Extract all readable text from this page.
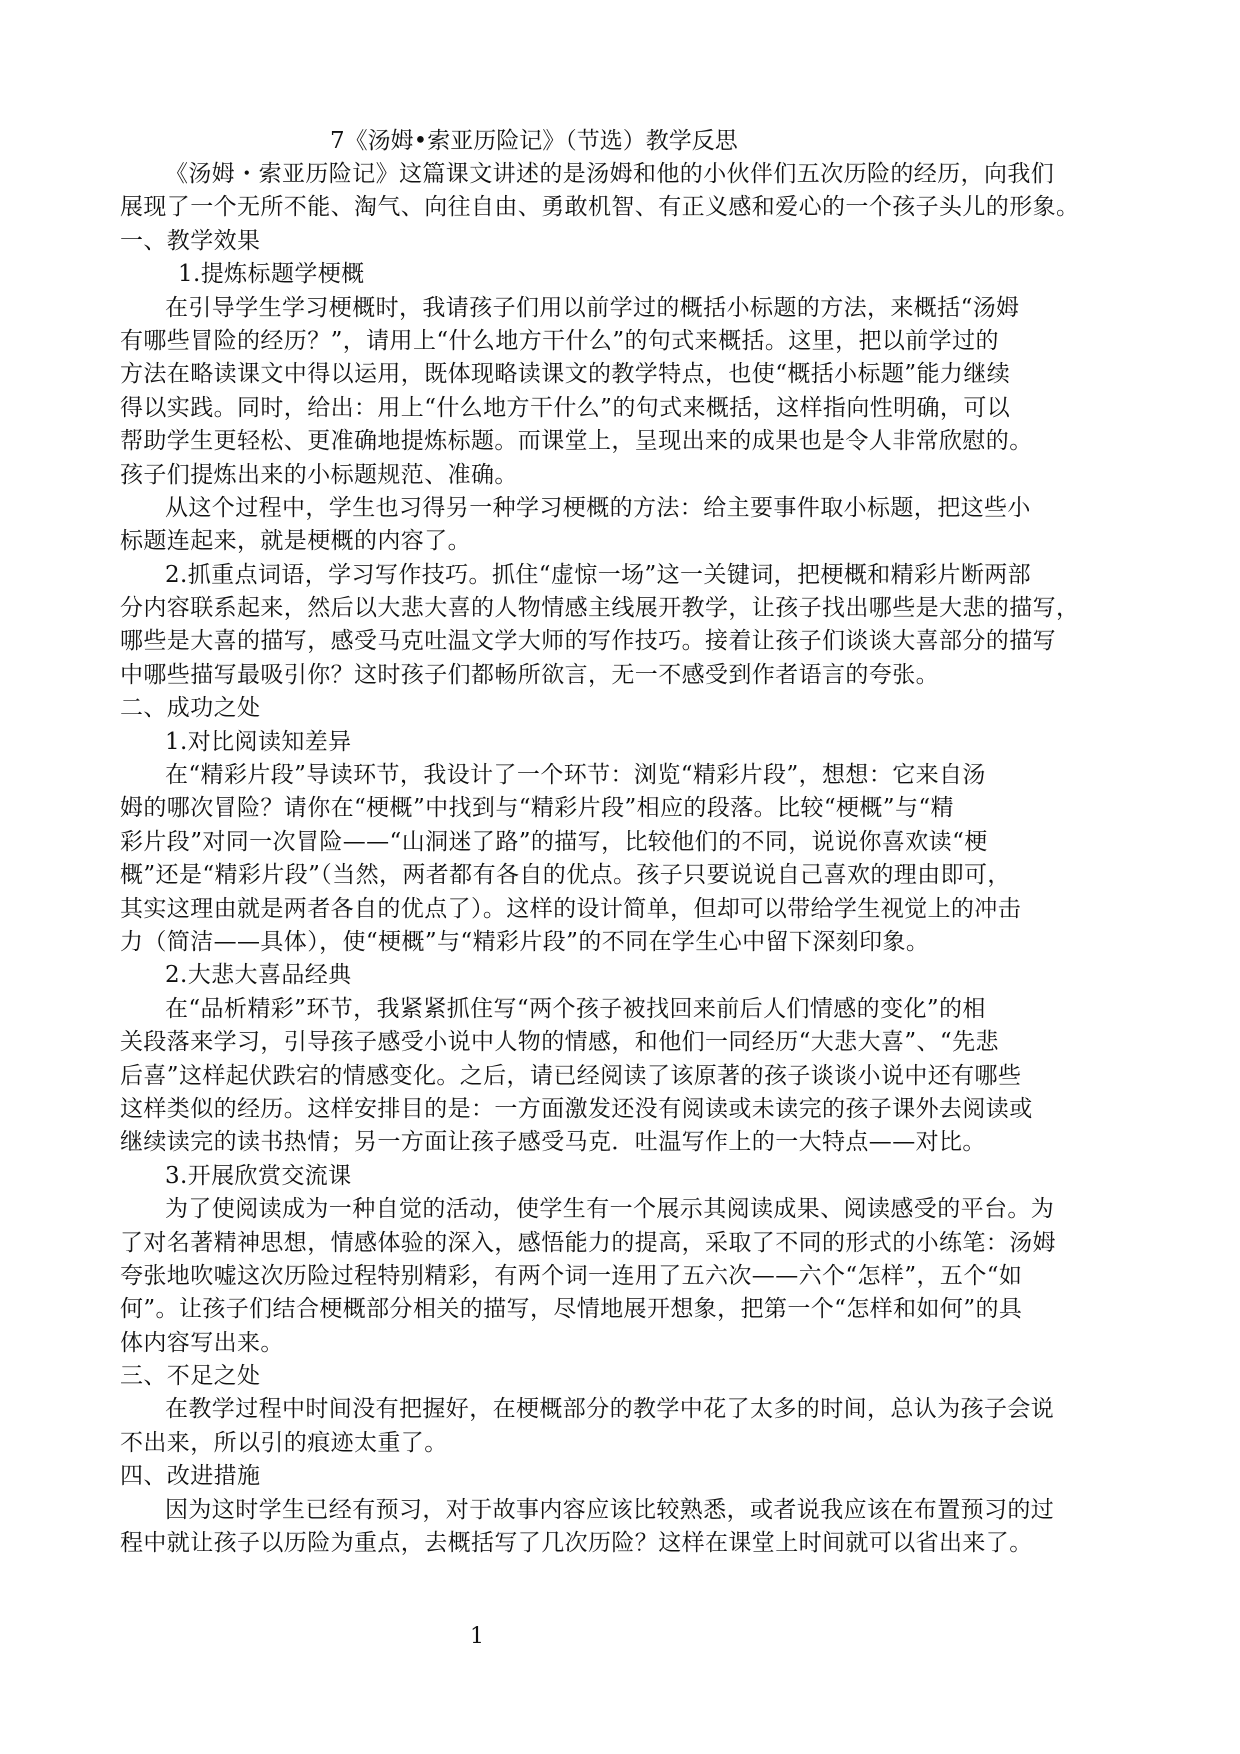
7《汤姆•索亚历险记》（节选）教学反思
《汤姆・索亚历险记》这篇课文讲述的是汤姆和他的小伙伴们五次历险的经历，向我们
展现了一个无所不能、淘气、向往自由、勇敢机智、有正义感和爱心的一个孩子头儿的形象。
一、教学效果
1.提炼标题学梗概
在引导学生学习梗概时，我请孩子们用以前学过的概括小标题的方法，来概括“汤姆
有哪些冒险的经历？”，请用上“什么地方干什么”的句式来概括。这里，把以前学过的
方法在略读课文中得以运用，既体现略读课文的教学特点，也使“概括小标题”能力继续
得以实践。同时，给出：用上“什么地方干什么”的句式来概括，这样指向性明确，可以
帮助学生更轻松、更准确地提炼标题。而课堂上，呈现出来的成果也是令人非常欣慰的。
孩子们提炼出来的小标题规范、准确。
从这个过程中，学生也习得另一种学习梗概的方法：给主要事件取小标题，把这些小
标题连起来，就是梗概的内容了。
2.抓重点词语，学习写作技巧。抓住“虚惊一场”这一关键词，把梗概和精彩片断两部
分内容联系起来，然后以大悲大喜的人物情感主线展开教学，让孩子找出哪些是大悲的描写，
哪些是大喜的描写，感受马克吐温文学大师的写作技巧。接着让孩子们谈谈大喜部分的描写
中哪些描写最吸引你？这时孩子们都畅所欲言，无一不感受到作者语言的夸张。
二、成功之处
1.对比阅读知差异
在“精彩片段”导读环节，我设计了一个环节：浏览“精彩片段”，想想：它来自汤
姆的哪次冒险？请你在“梗概”中找到与“精彩片段”相应的段落。比较“梗概”与“精
彩片段”对同一次冒险——“山洞迷了路”的描写，比较他们的不同，说说你喜欢读“梗
概”还是“精彩片段”（当然，两者都有各自的优点。孩子只要说说自己喜欢的理由即可，
其实这理由就是两者各自的优点了）。这样的设计简单，但却可以带给学生视觉上的冲击
力（简洁——具体），使“梗概”与“精彩片段”的不同在学生心中留下深刻印象。
2.大悲大喜品经典
在“品析精彩”环节，我紧紧抓住写“两个孩子被找回来前后人们情感的变化”的相
关段落来学习，引导孩子感受小说中人物的情感，和他们一同经历“大悲大喜”、“先悲
后喜”这样起伏跌宕的情感变化。之后，请已经阅读了该原著的孩子谈谈小说中还有哪些
这样类似的经历。这样安排目的是：一方面激发还没有阅读或未读完的孩子课外去阅读或
继续读完的读书热情；另一方面让孩子感受马克．吐温写作上的一大特点——对比。
3.开展欣赏交流课
为了使阅读成为一种自觉的活动，使学生有一个展示其阅读成果、阅读感受的平台。为
了对名著精神思想，情感体验的深入，感悟能力的提高，采取了不同的形式的小练笔：汤姆
夸张地吹嘘这次历险过程特别精彩，有两个词一连用了五六次——六个“怎样”，五个“如
何”。让孩子们结合梗概部分相关的描写，尽情地展开想象，把第一个“怎样和如何”的具
体内容写出来。
三、不足之处
在教学过程中时间没有把握好，在梗概部分的教学中花了太多的时间，总认为孩子会说
不出来，所以引的痕迹太重了。
四、改进措施
因为这时学生已经有预习，对于故事内容应该比较熟悉，或者说我应该在布置预习的过
程中就让孩子以历险为重点，去概括写了几次历险？这样在课堂上时间就可以省出来了。
1
